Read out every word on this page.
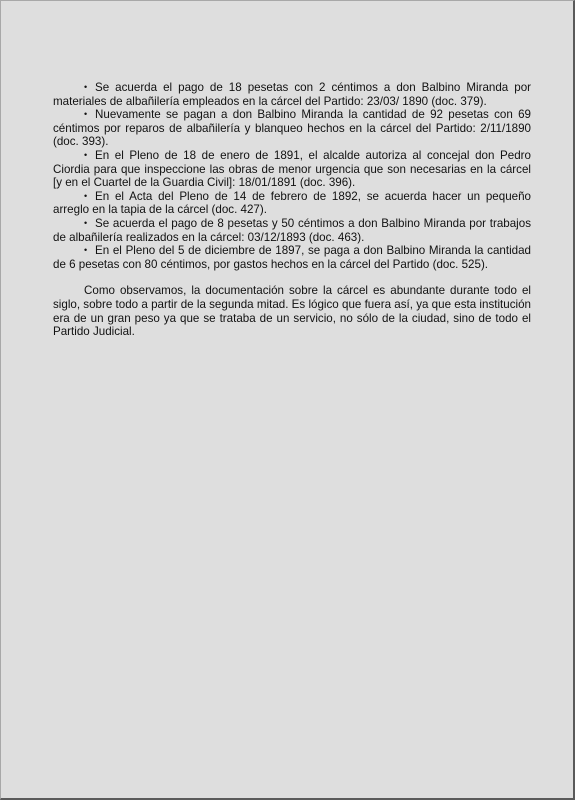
• Se acuerda el pago de 18 pesetas con 2 céntimos a don Balbino Miranda por materiales de albañilería empleados en la cárcel del Partido: 23/03/ 1890 (doc. 379).

• Nuevamente se pagan a don Balbino Miranda la cantidad de 92 pesetas con 69 céntimos por reparos de albañilería y blanqueo hechos en la cárcel del Partido: 2/11/1890 (doc. 393).

• En el Pleno de 18 de enero de 1891, el alcalde autoriza al concejal don Pedro Ciordia para que inspeccione las obras de menor urgencia que son necesarias en la cárcel [y en el Cuartel de la Guardia Civil]: 18/01/1891 (doc. 396).

• En el Acta del Pleno de 14 de febrero de 1892, se acuerda hacer un pequeño arreglo en la tapia de la cárcel (doc. 427).

• Se acuerda el pago de 8 pesetas y 50 céntimos a don Balbino Miranda por trabajos de albañilería realizados en la cárcel: 03/12/1893 (doc. 463).

• En el Pleno del 5 de diciembre de 1897, se paga a don Balbino Miranda la cantidad de 6 pesetas con 80 céntimos, por gastos hechos en la cárcel del Partido (doc. 525).

Como observamos, la documentación sobre la cárcel es abundante durante todo el siglo, sobre todo a partir de la segunda mitad. Es lógico que fuera así, ya que esta institución era de un gran peso ya que se trataba de un servicio, no sólo de la ciudad, sino de todo el Partido Judicial.
